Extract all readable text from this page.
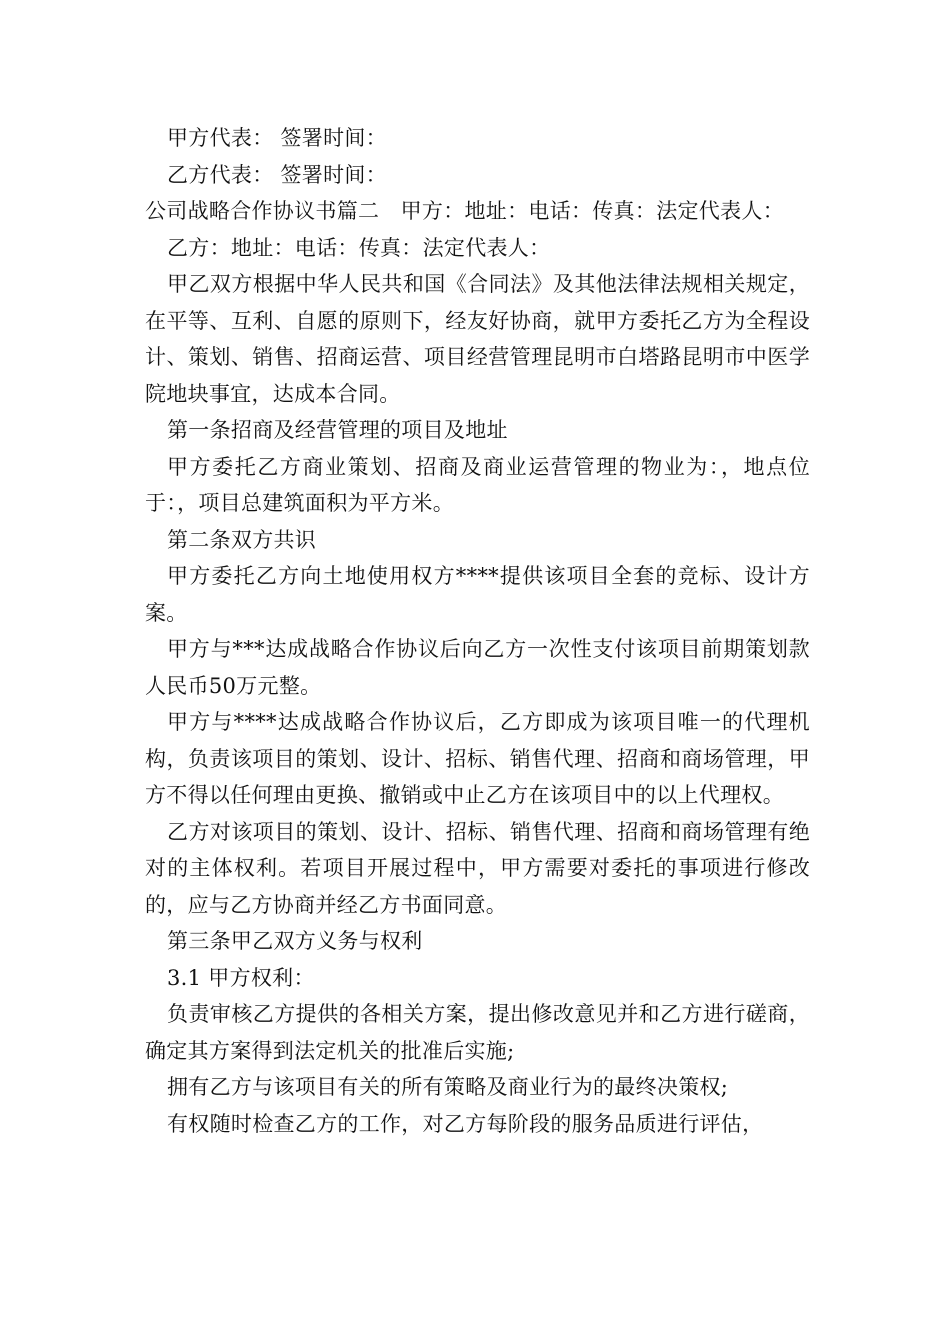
甲方代表： 签署时间：

乙方代表： 签署时间：

公司战略合作协议书篇二　甲方：地址：电话：传真：法定代表人：

乙方：地址：电话：传真：法定代表人：

甲乙双方根据中华人民共和国《合同法》及其他法律法规相关规定，在平等、互利、自愿的原则下，经友好协商，就甲方委托乙方为全程设计、策划、销售、招商运营、项目经营管理昆明市白塔路昆明市中医学院地块事宜，达成本合同。

第一条招商及经营管理的项目及地址

甲方委托乙方商业策划、招商及商业运营管理的物业为：，地点位于：，项目总建筑面积为平方米。

第二条双方共识

甲方委托乙方向土地使用权方****提供该项目全套的竞标、设计方案。

甲方与***达成战略合作协议后向乙方一次性支付该项目前期策划款人民币50万元整。

甲方与****达成战略合作协议后，乙方即成为该项目唯一的代理机构，负责该项目的策划、设计、招标、销售代理、招商和商场管理，甲方不得以任何理由更换、撤销或中止乙方在该项目中的以上代理权。

乙方对该项目的策划、设计、招标、销售代理、招商和商场管理有绝对的主体权利。若项目开展过程中，甲方需要对委托的事项进行修改的，应与乙方协商并经乙方书面同意。

第三条甲乙双方义务与权利

3.1 甲方权利：

负责审核乙方提供的各相关方案，提出修改意见并和乙方进行磋商，确定其方案得到法定机关的批准后实施;

拥有乙方与该项目有关的所有策略及商业行为的最终决策权;

有权随时检查乙方的工作，对乙方每阶段的服务品质进行评估，
